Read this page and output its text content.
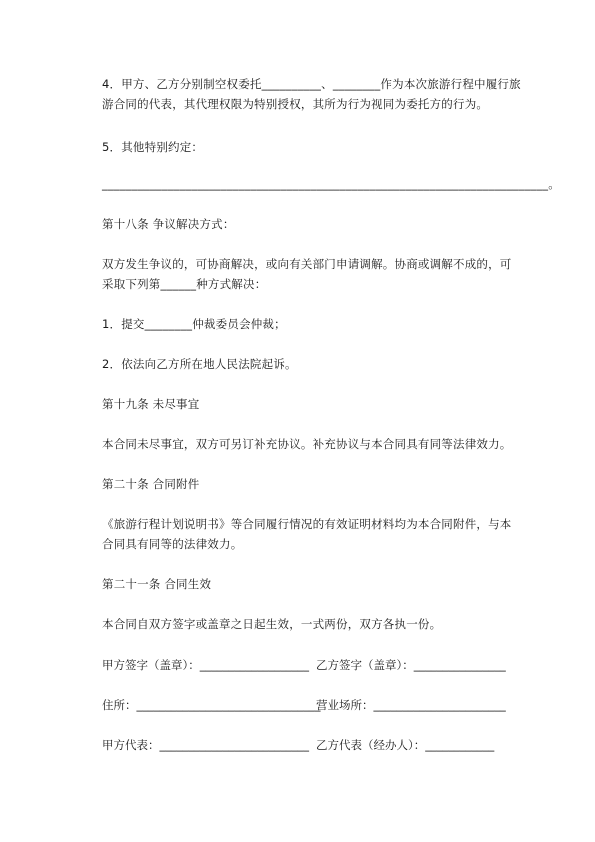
4．甲方、乙方分别制空权委托__________、________作为本次旅游行程中履行旅
游合同的代表，其代理权限为特别授权，其所为行为视同为委托方的行为。
5．其他特别约定：
___________________________________________________________________________。
第十八条 争议解决方式：
双方发生争议的，可协商解决，或向有关部门申请调解。协商或调解不成的，可
采取下列第______种方式解决：
1．提交________仲裁委员会仲裁；
2．依法向乙方所在地人民法院起诉。
第十九条 未尽事宜
本合同未尽事宜，双方可另订补充协议。补充协议与本合同具有同等法律效力。
第二十条 合同附件
《旅游行程计划说明书》等合同履行情况的有效证明材料均为本合同附件，与本
合同具有同等的法律效力。
第二十一条 合同生效
本合同自双方签字或盖章之日起生效，一式两份，双方各执一份。
甲方签字（盖章）：___________________ 乙方签字（盖章）：________________
住所：________________________________
营业场所：_______________________
甲方代表：__________________________ 乙方代表（经办人）：____________
